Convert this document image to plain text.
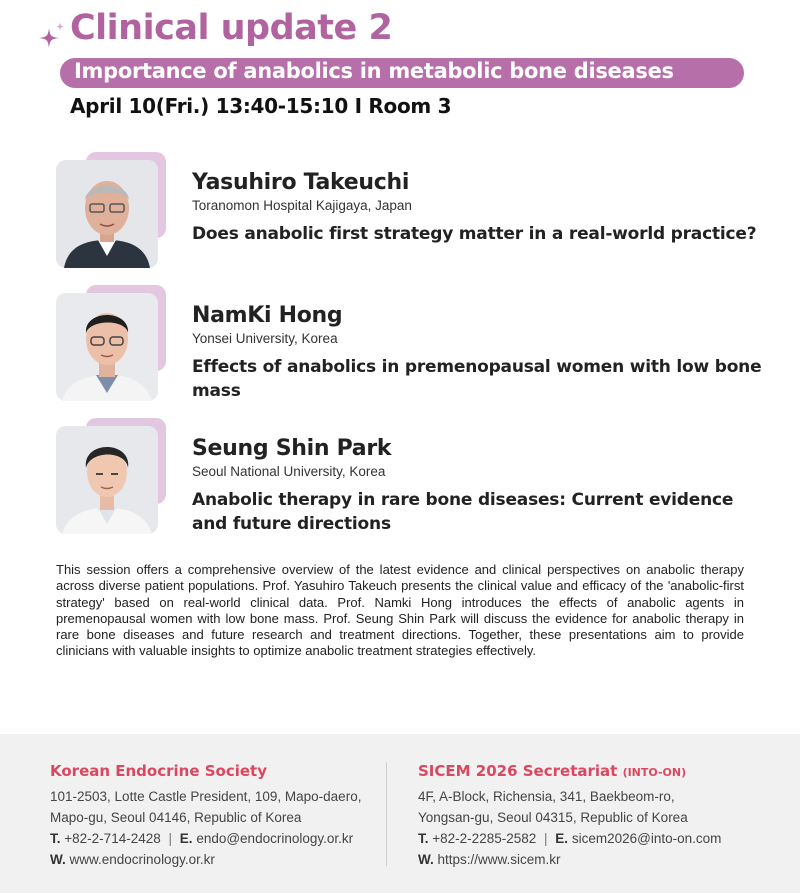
Clinical update 2
Importance of anabolics in metabolic bone diseases
April 10(Fri.) 13:40-15:10 I Room 3
Yasuhiro Takeuchi
Toranomon Hospital Kajigaya, Japan
Does anabolic first strategy matter in a real-world practice?
NamKi Hong
Yonsei University, Korea
Effects of anabolics in premenopausal women with low bone mass
Seung Shin Park
Seoul National University, Korea
Anabolic therapy in rare bone diseases: Current evidence and future directions
This session offers a comprehensive overview of the latest evidence and clinical perspectives on anabolic therapy across diverse patient populations. Prof. Yasuhiro Takeuch presents the clinical value and efficacy of the 'anabolic-first strategy' based on real-world clinical data. Prof. Namki Hong introduces the effects of anabolic agents in premenopausal women with low bone mass. Prof. Seung Shin Park will discuss the evidence for anabolic therapy in rare bone diseases and future research and treatment directions. Together, these presentations aim to provide clinicians with valuable insights to optimize anabolic treatment strategies effectively.
Korean Endocrine Society
101-2503, Lotte Castle President, 109, Mapo-daero,
Mapo-gu, Seoul 04146, Republic of Korea
T. +82-2-714-2428 | E. endo@endocrinology.or.kr
W. www.endocrinology.or.kr
SICEM 2026 Secretariat (INTO-ON)
4F, A-Block, Richensia, 341, Baekbeom-ro,
Yongsan-gu, Seoul 04315, Republic of Korea
T. +82-2-2285-2582 | E. sicem2026@into-on.com
W. https://www.sicem.kr
